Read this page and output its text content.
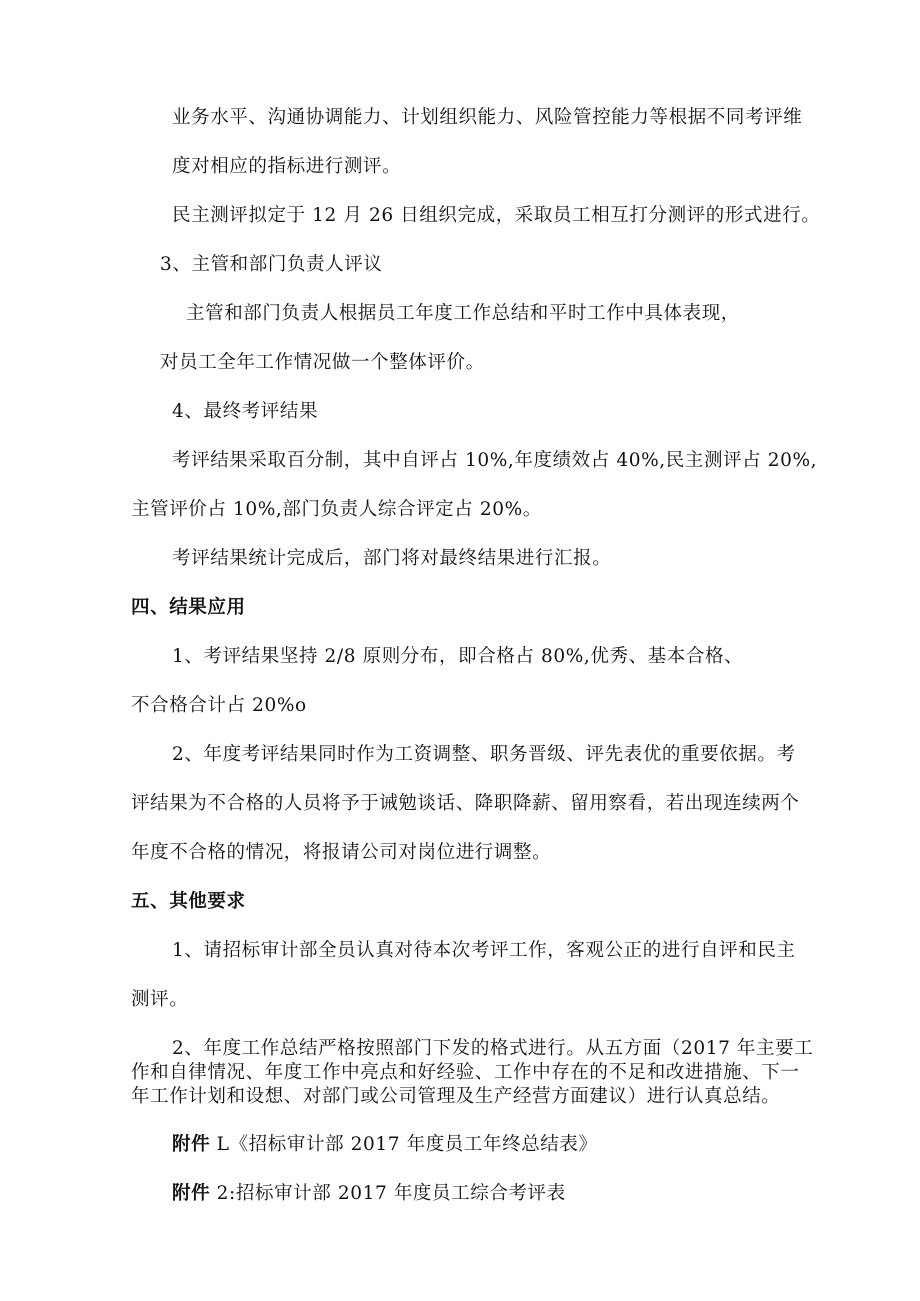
业务水平、沟通协调能力、计划组织能力、风险管控能力等根据不同考评维
度对相应的指标进行测评。
民主测评拟定于 12 月 26 日组织完成，采取员工相互打分测评的形式进行。
3、主管和部门负责人评议
主管和部门负责人根据员工年度工作总结和平时工作中具体表现，
对员工全年工作情况做一个整体评价。
4、最终考评结果
考评结果采取百分制，其中自评占 10%,年度绩效占 40%,民主测评占 20%,
主管评价占 10%,部门负责人综合评定占 20%。
考评结果统计完成后，部门将对最终结果进行汇报。
四、结果应用
1、考评结果坚持 2/8 原则分布，即合格占 80%,优秀、基本合格、
不合格合计占 20%o
2、年度考评结果同时作为工资调整、职务晋级、评先表优的重要依据。考
评结果为不合格的人员将予于诫勉谈话、降职降薪、留用察看，若出现连续两个
年度不合格的情况，将报请公司对岗位进行调整。
五、其他要求
1、请招标审计部全员认真对待本次考评工作，客观公正的进行自评和民主
测评。
2、年度工作总结严格按照部门下发的格式进行。从五方面（2017 年主要工
作和自律情况、年度工作中亮点和好经验、工作中存在的不足和改进措施、下一
年工作计划和设想、对部门或公司管理及生产经营方面建议）进行认真总结。
附件 L《招标审计部 2017 年度员工年终总结表》
附件 2:招标审计部 2017 年度员工综合考评表
